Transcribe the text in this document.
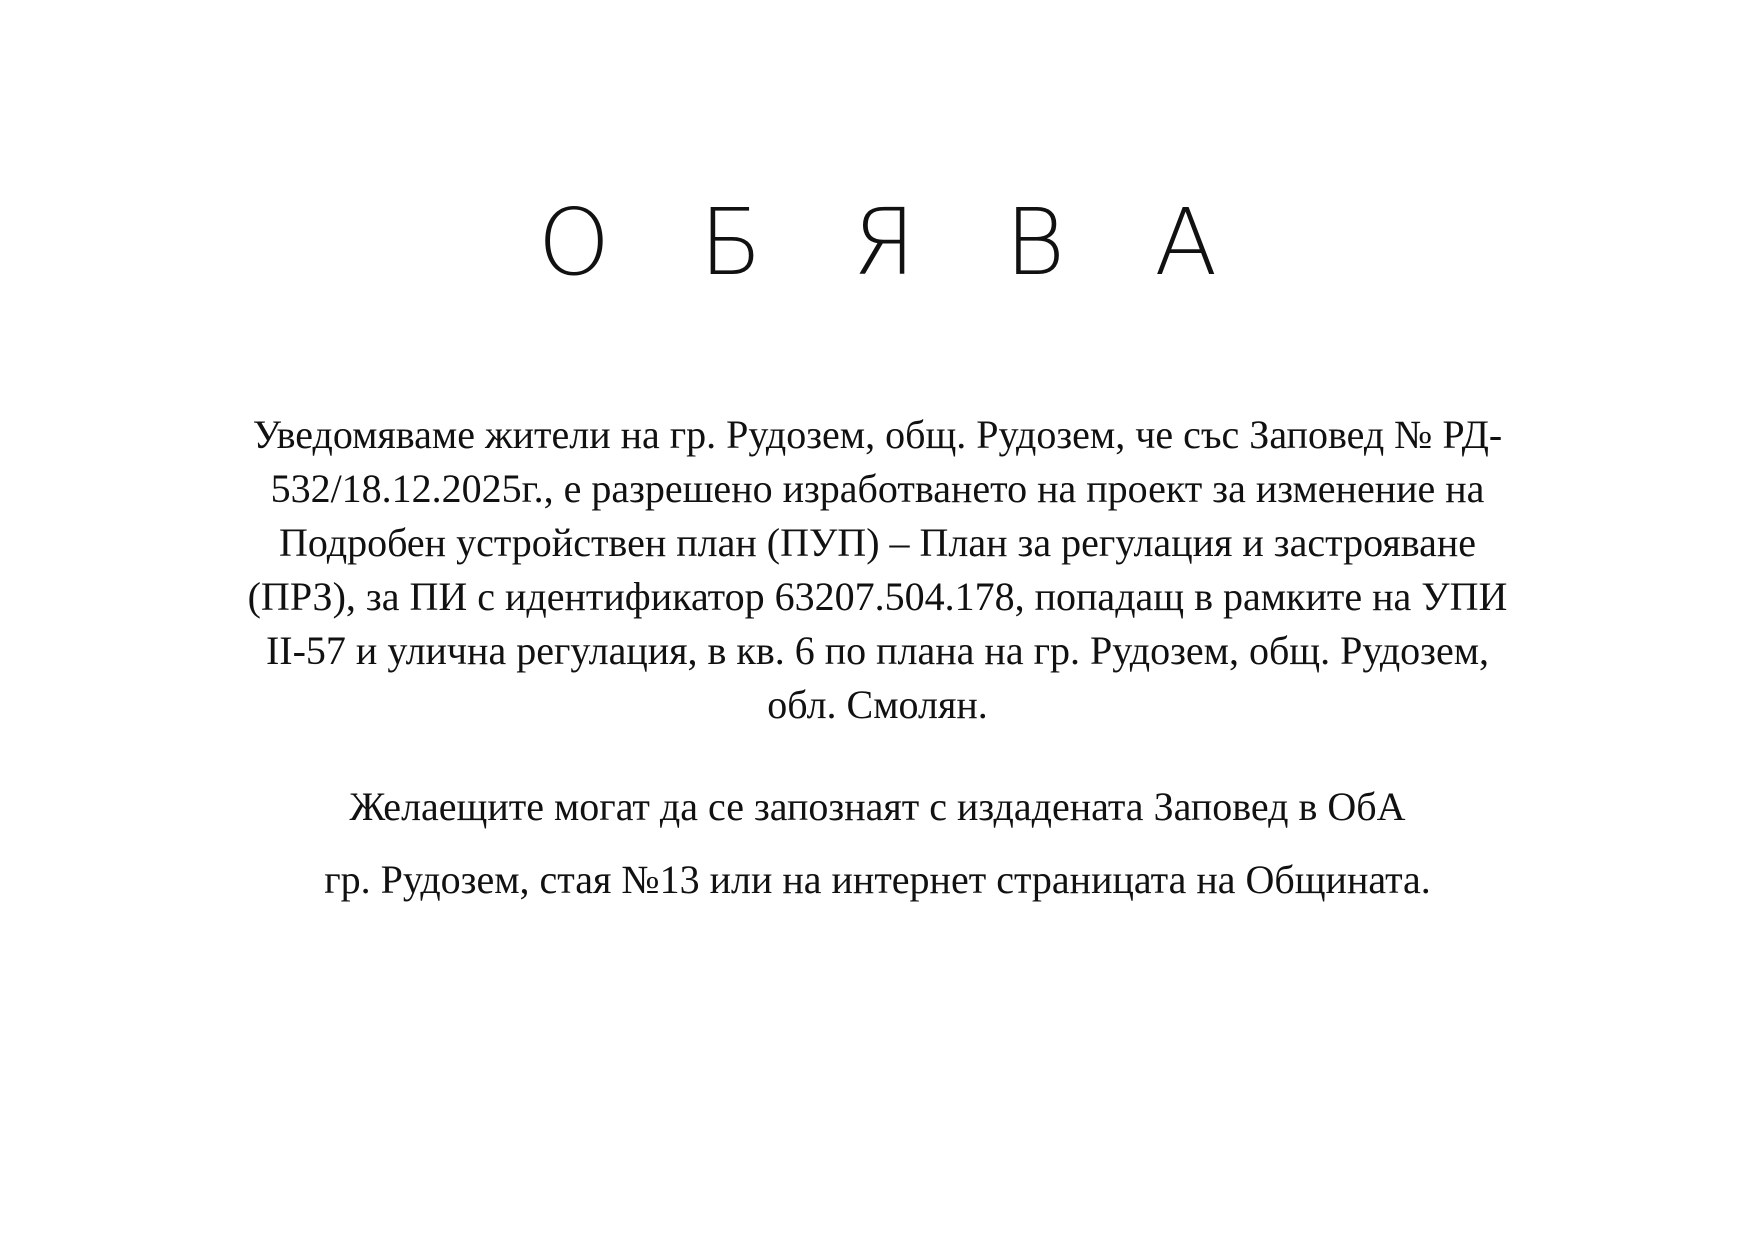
О Б Я В А

Уведомяваме жители на гр. Рудозем, общ. Рудозем, че със Заповед № РД-
532/18.12.2025г., е разрешено изработването на проект за изменение на
Подробен устройствен план (ПУП) – План за регулация и застрояване
(ПРЗ), за ПИ с идентификатор 63207.504.178, попадащ в рамките на УПИ
II-57 и улична регулация, в кв. 6 по плана на гр. Рудозем, общ. Рудозем,
обл. Смолян.

Желаещите могат да се запознаят с издадената Заповед в ОбА

гр. Рудозем, стая №13 или на интернет страницата на Общината.
